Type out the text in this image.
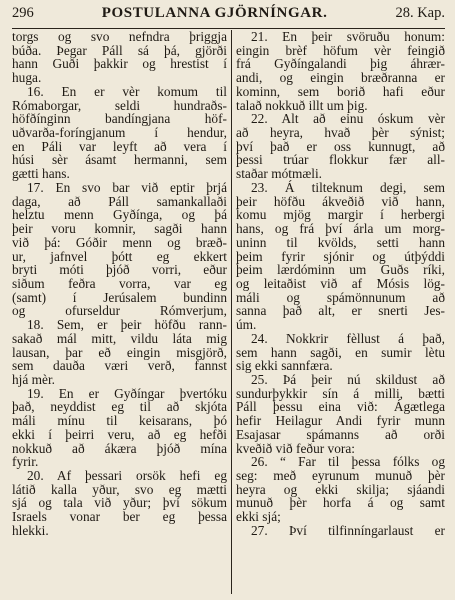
296	POSTULANNA GJÖRNÍNGAR.	28. Kap.
torgs og svo nefndra þriggja
búða. Þegar Páll sá þá, gjörði
hann Guði þakkir og hrestist í
huga.
16. En er vèr komum til
Rómaborgar, seldi hundraðs-
höfðínginn bandíngjana höf-
uðvarða-foríngjanum í hendur,
en Páli var leyft að vera í
húsi sèr ásamt hermanni, sem
gætti hans.
17. En svo bar við eptir þrjá
daga, að Páll samankallaði
helztu menn Gyðínga, og þá
þeir voru komnir, sagði hann
við þá: Góðir menn og bræð-
ur, jafnvel þótt eg ekkert
bryti móti þjóð vorri, eður
siðum feðra vorra, var eg
(samt) í Jerúsalem bundinn
og ofurseldur Rómverjum,
18. Sem, er þeir höfðu rann-
sakað mál mitt, vildu láta mig
lausan, þar eð eingin misgjörð,
sem dauða væri verð, fannst
hjá mèr.
19. En er Gyðíngar þvertóku
það, neyddist eg til að skjóta
máli mínu til keisarans, þó
ekki í þeirri veru, að eg hefði
nokkuð að ákæra þjóð mína
fyrir.
20. Af þessari orsök hefi eg
látið kalla yður, svo eg mætti
sjá og tala við yður; því sökum
Israels vonar ber eg þessa
hlekki.
21. En þeir svöruðu honum:
eingin brèf höfum vèr feingið
frá Gyðíngalandi þig áhrær-
andi, og eingin bræðranna er
kominn, sem borið hafi eður
talað nokkuð illt um þig.
22. Alt að einu óskum vèr
að heyra, hvað þèr sýnist;
því það er oss kunnugt, að
þessi trúar flokkur fær all-
staðar mótmæli.
23. Á tilteknum degi, sem
þeir höfðu ákveðið við hann,
komu mjög margir í herbergi
hans, og frá því árla um morg-
uninn til kvölds, setti hann
þeim fyrir sjónir og útþýddi
þeim lærdóminn um Guðs ríki,
og leitaðist við af Mósis lög-
máli og spámönnunum að
sanna það alt, er snerti Jes-
úm.
24. Nokkrir fèllust á það,
sem hann sagði, en sumir lètu
sig ekki sannfæra.
25. Þá þeir nú skildust að
sundurþykkir sín á milli, bætti
Páll þessu eina við: Ágætlega
hefir Heilagur Andi fyrir munn
Esajasar spámanns að orði
kveðið við feður vora:
26. “ Far til þessa fólks og
seg: með eyrunum munuð þèr
heyra og ekki skilja; sjáandi
munuð þèr horfa á og samt
ekki sjá;
27. Því tilfinníngarlaust er
